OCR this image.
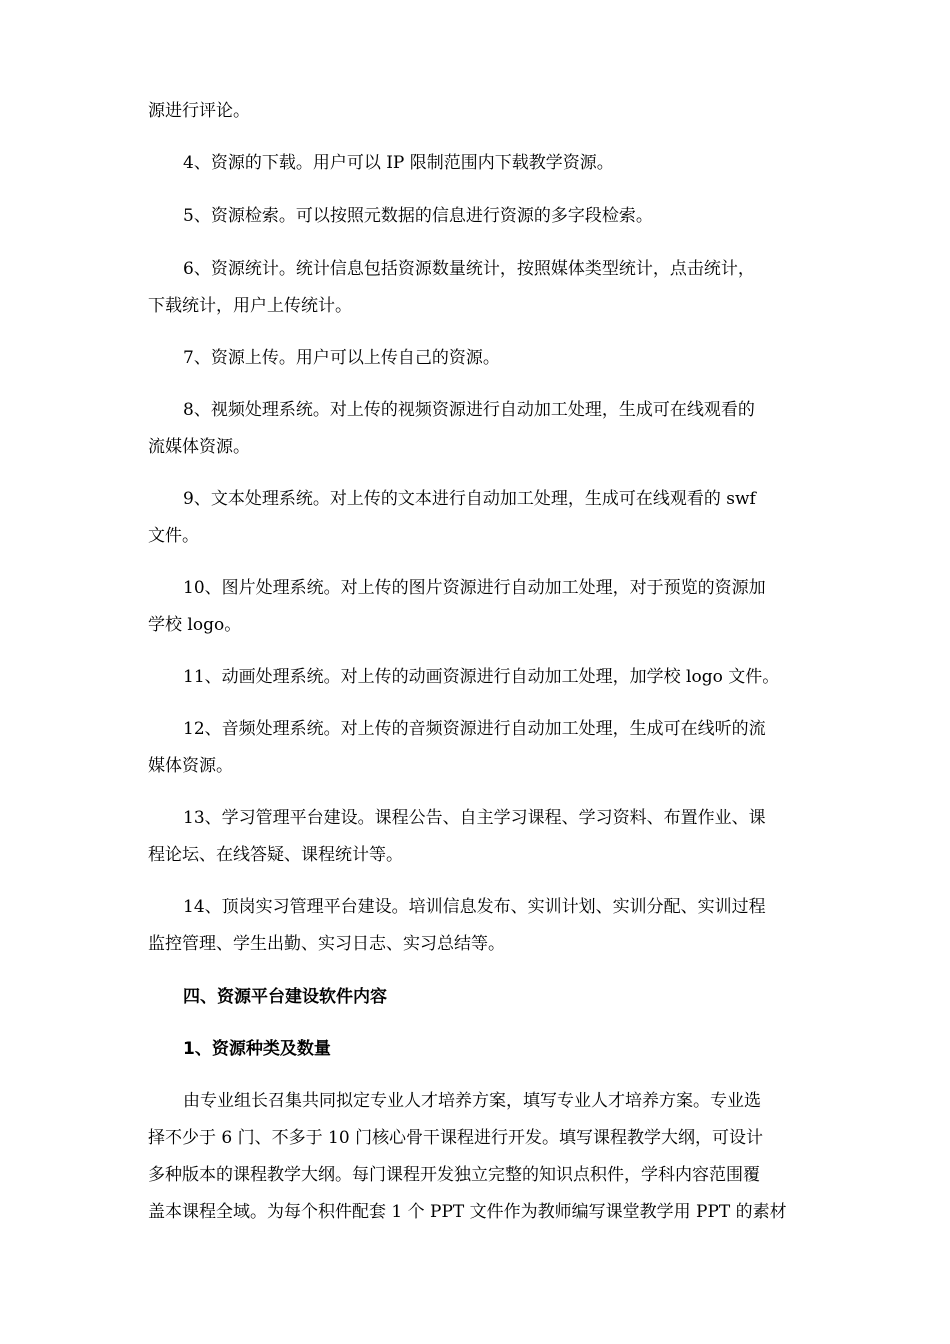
源进行评论。

4、资源的下载。用户可以 IP 限制范围内下载教学资源。

5、资源检索。可以按照元数据的信息进行资源的多字段检索。

6、资源统计。统计信息包括资源数量统计，按照媒体类型统计，点击统计，
下载统计，用户上传统计。

7、资源上传。用户可以上传自己的资源。

8、视频处理系统。对上传的视频资源进行自动加工处理，生成可在线观看的
流媒体资源。

9、文本处理系统。对上传的文本进行自动加工处理，生成可在线观看的 swf
文件。

10、图片处理系统。对上传的图片资源进行自动加工处理，对于预览的资源加
学校 logo。

11、动画处理系统。对上传的动画资源进行自动加工处理，加学校 logo 文件。

12、音频处理系统。对上传的音频资源进行自动加工处理，生成可在线听的流
媒体资源。

13、学习管理平台建设。课程公告、自主学习课程、学习资料、布置作业、课
程论坛、在线答疑、课程统计等。

14、顶岗实习管理平台建设。培训信息发布、实训计划、实训分配、实训过程
监控管理、学生出勤、实习日志、实习总结等。

四、资源平台建设软件内容
1、资源种类及数量

由专业组长召集共同拟定专业人才培养方案，填写专业人才培养方案。专业选
择不少于 6 门、不多于 10 门核心骨干课程进行开发。填写课程教学大纲，可设计
多种版本的课程教学大纲。每门课程开发独立完整的知识点积件，学科内容范围覆
盖本课程全域。为每个积件配套 1 个 PPT 文件作为教师编写课堂教学用 PPT 的素材
